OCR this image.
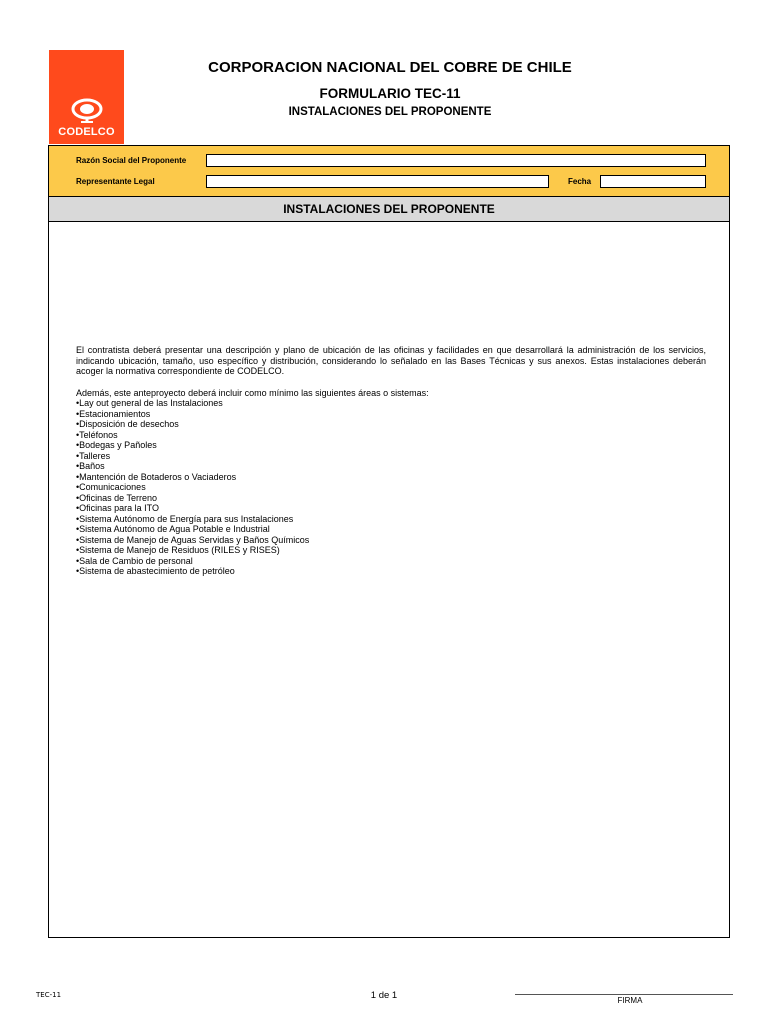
CODELCO
CORPORACION NACIONAL DEL COBRE DE CHILE
FORMULARIO TEC-11
INSTALACIONES DEL PROPONENTE
Razón Social del Proponente
Representante Legal	Fecha
INSTALACIONES DEL PROPONENTE

El contratista deberá presentar una descripción y plano de ubicación de las oficinas y facilidades en que desarrollará la administración de los servicios, indicando ubicación, tamaño, uso específico y distribución, considerando lo señalado en las Bases Técnicas y sus anexos. Estas instalaciones deberán acoger la normativa correspondiente de CODELCO.

Además, este anteproyecto deberá incluir como mínimo las siguientes áreas o sistemas:

• Lay out general de las Instalaciones
• Estacionamientos
• Disposición de desechos
• Teléfonos
• Bodegas y Pañoles
• Talleres
• Baños
• Mantención de Botaderos o Vaciaderos
• Comunicaciones
• Oficinas de Terreno
• Oficinas para la ITO
• Sistema Autónomo de Energía para sus Instalaciones
• Sistema Autónomo de Agua Potable e Industrial
• Sistema de Manejo de Aguas Servidas y Baños Químicos
• Sistema de Manejo de Residuos (RILES y RISES)
• Sala de Cambio de personal
• Sistema de abastecimiento de petróleo
TEC-11	1 de 1	FIRMA
